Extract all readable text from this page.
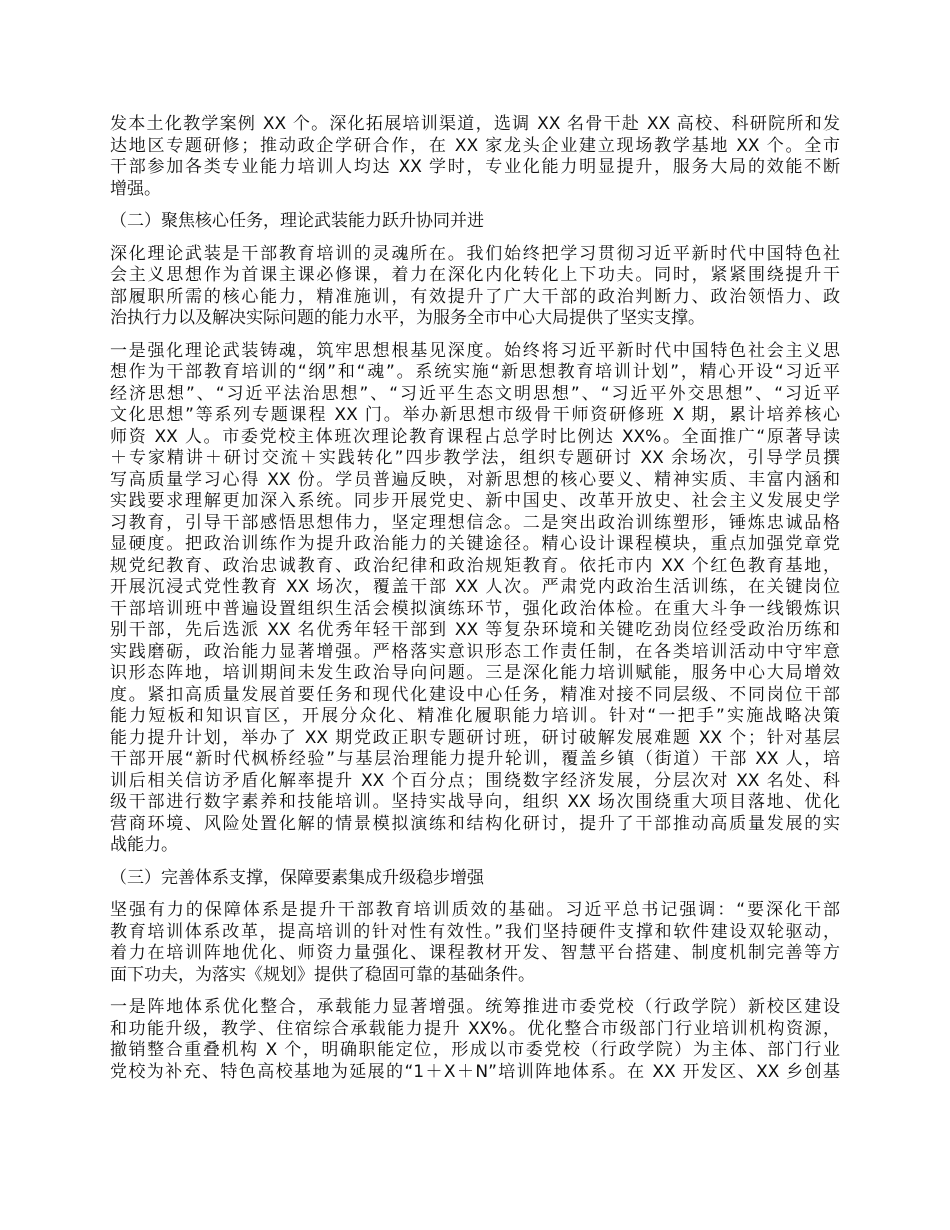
发本土化教学案例 XX 个。深化拓展培训渠道，选调 XX 名骨干赴 XX 高校、科研院所和发
达地区专题研修；推动政企学研合作，在 XX 家龙头企业建立现场教学基地 XX 个。全市
干部参加各类专业能力培训人均达 XX 学时，专业化能力明显提升，服务大局的效能不断
增强。
（二）聚焦核心任务，理论武装能力跃升协同并进
深化理论武装是干部教育培训的灵魂所在。我们始终把学习贯彻习近平新时代中国特色社
会主义思想作为首课主课必修课，着力在深化内化转化上下功夫。同时，紧紧围绕提升干
部履职所需的核心能力，精准施训，有效提升了广大干部的政治判断力、政治领悟力、政
治执行力以及解决实际问题的能力水平，为服务全市中心大局提供了坚实支撑。
一是强化理论武装铸魂，筑牢思想根基见深度。始终将习近平新时代中国特色社会主义思
想作为干部教育培训的“纲”和“魂”。系统实施“新思想教育培训计划”，精心开设“习近平
经济思想”、“习近平法治思想”、“习近平生态文明思想”、“习近平外交思想”、“习近平
文化思想”等系列专题课程 XX 门。举办新思想市级骨干师资研修班 X 期，累计培养核心
师资 XX 人。市委党校主体班次理论教育课程占总学时比例达 XX%。全面推广“原著导读
＋专家精讲＋研讨交流＋实践转化”四步教学法，组织专题研讨 XX 余场次，引导学员撰
写高质量学习心得 XX 份。学员普遍反映，对新思想的核心要义、精神实质、丰富内涵和
实践要求理解更加深入系统。同步开展党史、新中国史、改革开放史、社会主义发展史学
习教育，引导干部感悟思想伟力，坚定理想信念。二是突出政治训练塑形，锤炼忠诚品格
显硬度。把政治训练作为提升政治能力的关键途径。精心设计课程模块，重点加强党章党
规党纪教育、政治忠诚教育、政治纪律和政治规矩教育。依托市内 XX 个红色教育基地，
开展沉浸式党性教育 XX 场次，覆盖干部 XX 人次。严肃党内政治生活训练，在关键岗位
干部培训班中普遍设置组织生活会模拟演练环节，强化政治体检。在重大斗争一线锻炼识
别干部，先后选派 XX 名优秀年轻干部到 XX 等复杂环境和关键吃劲岗位经受政治历练和
实践磨砺，政治能力显著增强。严格落实意识形态工作责任制，在各类培训活动中守牢意
识形态阵地，培训期间未发生政治导向问题。三是深化能力培训赋能，服务中心大局增效
度。紧扣高质量发展首要任务和现代化建设中心任务，精准对接不同层级、不同岗位干部
能力短板和知识盲区，开展分众化、精准化履职能力培训。针对“一把手”实施战略决策
能力提升计划，举办了 XX 期党政正职专题研讨班，研讨破解发展难题 XX 个；针对基层
干部开展“新时代枫桥经验”与基层治理能力提升轮训，覆盖乡镇（街道）干部 XX 人，培
训后相关信访矛盾化解率提升 XX 个百分点；围绕数字经济发展，分层次对 XX 名处、科
级干部进行数字素养和技能培训。坚持实战导向，组织 XX 场次围绕重大项目落地、优化
营商环境、风险处置化解的情景模拟演练和结构化研讨，提升了干部推动高质量发展的实
战能力。
（三）完善体系支撑，保障要素集成升级稳步增强
坚强有力的保障体系是提升干部教育培训质效的基础。习近平总书记强调：“要深化干部
教育培训体系改革，提高培训的针对性有效性。”我们坚持硬件支撑和软件建设双轮驱动，
着力在培训阵地优化、师资力量强化、课程教材开发、智慧平台搭建、制度机制完善等方
面下功夫，为落实《规划》提供了稳固可靠的基础条件。
一是阵地体系优化整合，承载能力显著增强。统筹推进市委党校（行政学院）新校区建设
和功能升级，教学、住宿综合承载能力提升 XX%。优化整合市级部门行业培训机构资源，
撤销整合重叠机构 X 个，明确职能定位，形成以市委党校（行政学院）为主体、部门行业
党校为补充、特色高校基地为延展的“1＋X＋N”培训阵地体系。在 XX 开发区、XX 乡创基
